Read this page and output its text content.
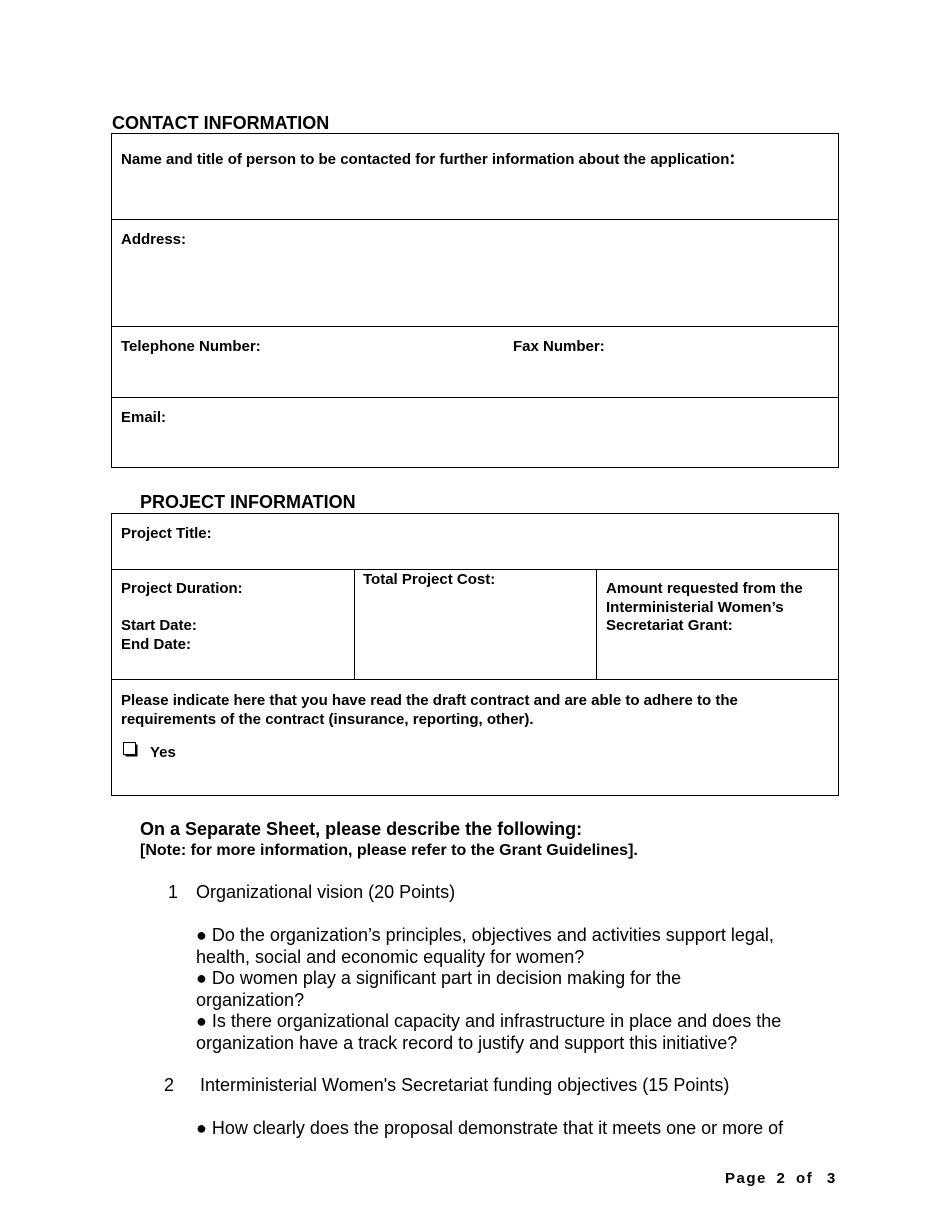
CONTACT INFORMATION
Name and title of person to be contacted for further information about the application:
Address:
Telephone Number:	Fax Number:
Email:
PROJECT INFORMATION
Project Title:
Project Duration:
Start Date:
End Date:
Total Project Cost:
Amount requested from the
Interministerial Women’s
Secretariat Grant:
Please indicate here that you have read the draft contract and are able to adhere to the
requirements of the contract (insurance, reporting, other).
Yes
On a Separate Sheet, please describe the following:
[Note: for more information, please refer to the Grant Guidelines].
1 Organizational vision (20 Points)
● Do the organization’s principles, objectives and activities support legal,
health, social and economic equality for women?
● Do women play a significant part in decision making for the
organization?
● Is there organizational capacity and infrastructure in place and does the
organization have a track record to justify and support this initiative?
2 Interministerial Women's Secretariat funding objectives (15 Points)
● How clearly does the proposal demonstrate that it meets one or more of
Page 2 of 3
